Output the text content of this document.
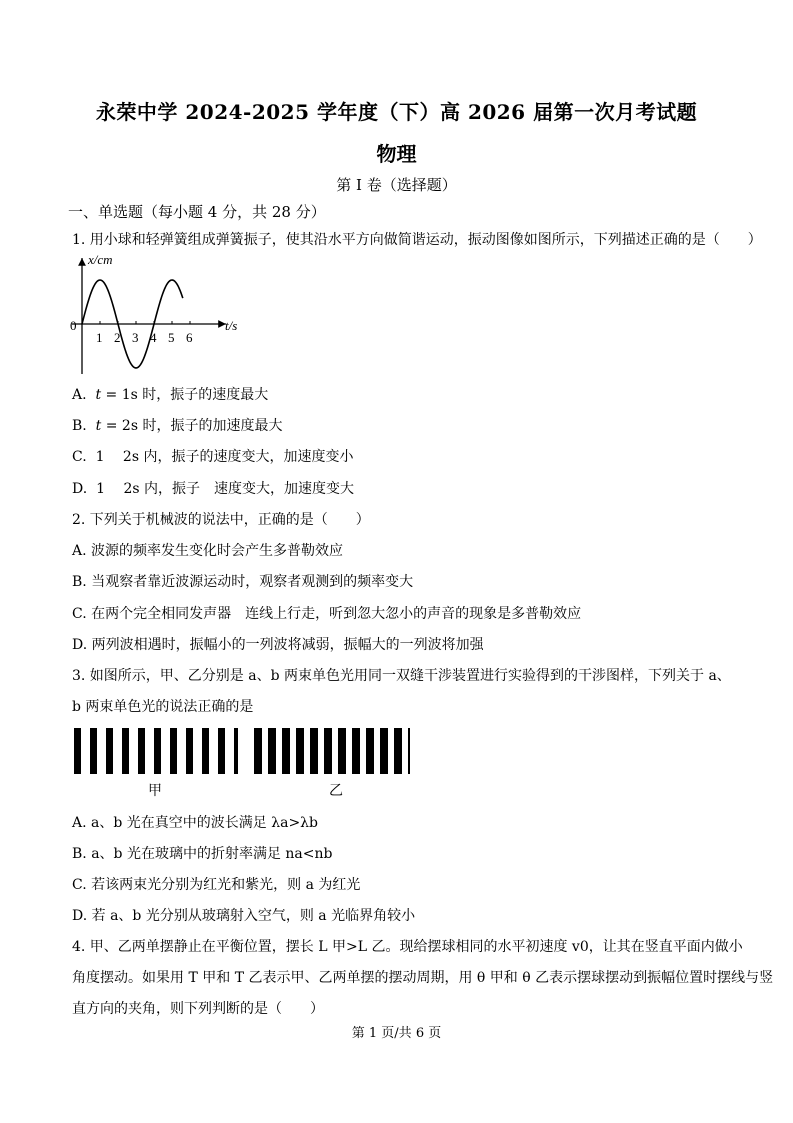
永荣中学 2024-2025 学年度（下）高 2026 届第一次月考试题
物理
第 I 卷（选择题）
一、单选题（每小题 4 分，共 28 分）
1. 用小球和轻弹簧组成弹簧振子，使其沿水平方向做简谐运动，振动图像如图所示，下列描述正确的是（　　）
1 2 3 4 5 6
x/cm
t/s
0
A. t = 1s 时，振子的速度最大
B. t = 2s 时，振子的加速度最大
C. 1　 2s 内，振子的速度变大，加速度变小
D. 1　 2s 内，振子　速度变大，加速度变大
2. 下列关于机械波的说法中，正确的是（　　）
A. 波源的频率发生变化时会产生多普勒效应
B. 当观察者靠近波源运动时，观察者观测到的频率变大
C. 在两个完全相同发声器　连线上行走，听到忽大忽小的声音的现象是多普勒效应
D. 两列波相遇时，振幅小的一列波将减弱，振幅大的一列波将加强
3. 如图所示，甲、乙分别是 a、b 两束单色光用同一双缝干涉装置进行实验得到的干涉图样，下列关于 a、
b 两束单色光的说法正确的是
甲	乙
A. a、b 光在真空中的波长满足 λa>λb
B. a、b 光在玻璃中的折射率满足 na<nb
C. 若该两束光分别为红光和紫光，则 a 为红光
D. 若 a、b 光分别从玻璃射入空气，则 a 光临界角较小
4. 甲、乙两单摆静止在平衡位置，摆长 L 甲>L 乙。现给摆球相同的水平初速度 v0，让其在竖直平面内做小
角度摆动。如果用 T 甲和 T 乙表示甲、乙两单摆的摆动周期，用 θ 甲和 θ 乙表示摆球摆动到振幅位置时摆线与竖
直方向的夹角，则下列判断的是（　　）
第 1 页/共 6 页
